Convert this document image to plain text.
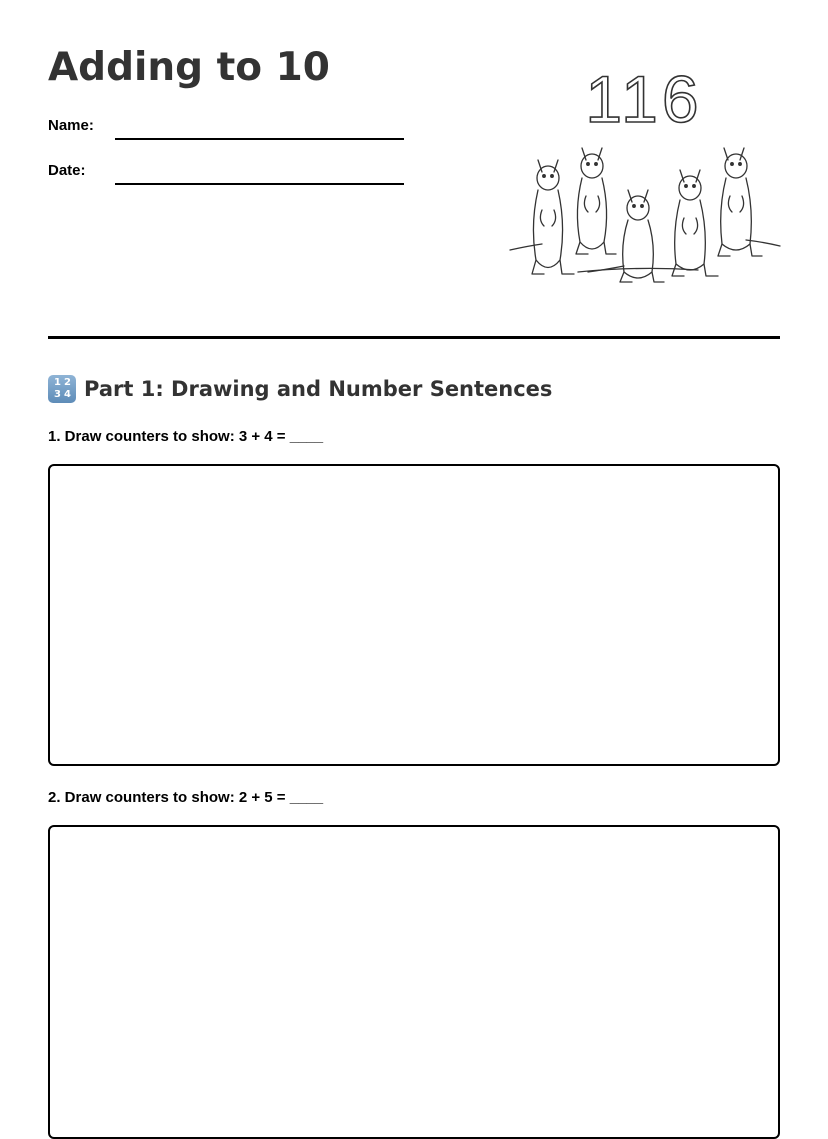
Adding to 10
Name:
Date:
116
1 2
3 4 Part 1: Drawing and Number Sentences
1. Draw counters to show: 3 + 4 = ____
2. Draw counters to show: 2 + 5 = ____
